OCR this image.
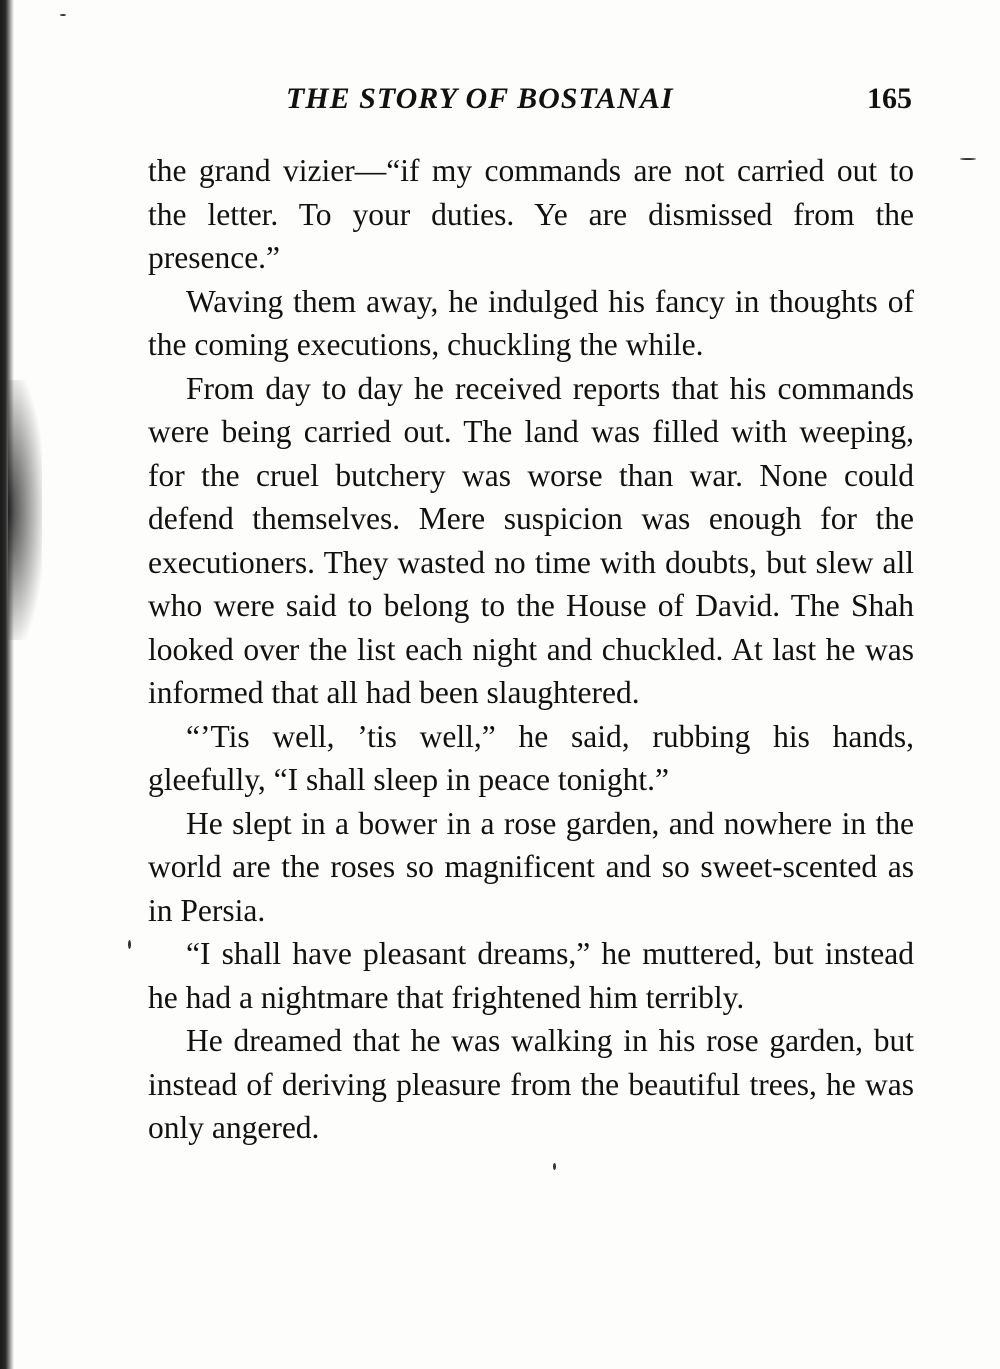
THE STORY OF BOSTANAI	165

the grand vizier—“if my commands are not carried out to the letter. To your duties. Ye are dismissed from the presence.”

Waving them away, he indulged his fancy in thoughts of the coming executions, chuckling the while.

From day to day he received reports that his commands were being carried out. The land was filled with weeping, for the cruel butchery was worse than war. None could defend themselves. Mere suspicion was enough for the executioners. They wasted no time with doubts, but slew all who were said to belong to the House of David. The Shah looked over the list each night and chuckled. At last he was informed that all had been slaughtered.

“’Tis well, ’tis well,” he said, rubbing his hands, gleefully, “I shall sleep in peace tonight.”

He slept in a bower in a rose garden, and nowhere in the world are the roses so magnificent and so sweet-scented as in Persia.

“I shall have pleasant dreams,” he muttered, but instead he had a nightmare that frightened him terribly.

He dreamed that he was walking in his rose garden, but instead of deriving pleasure from the beautiful trees, he was only angered.
